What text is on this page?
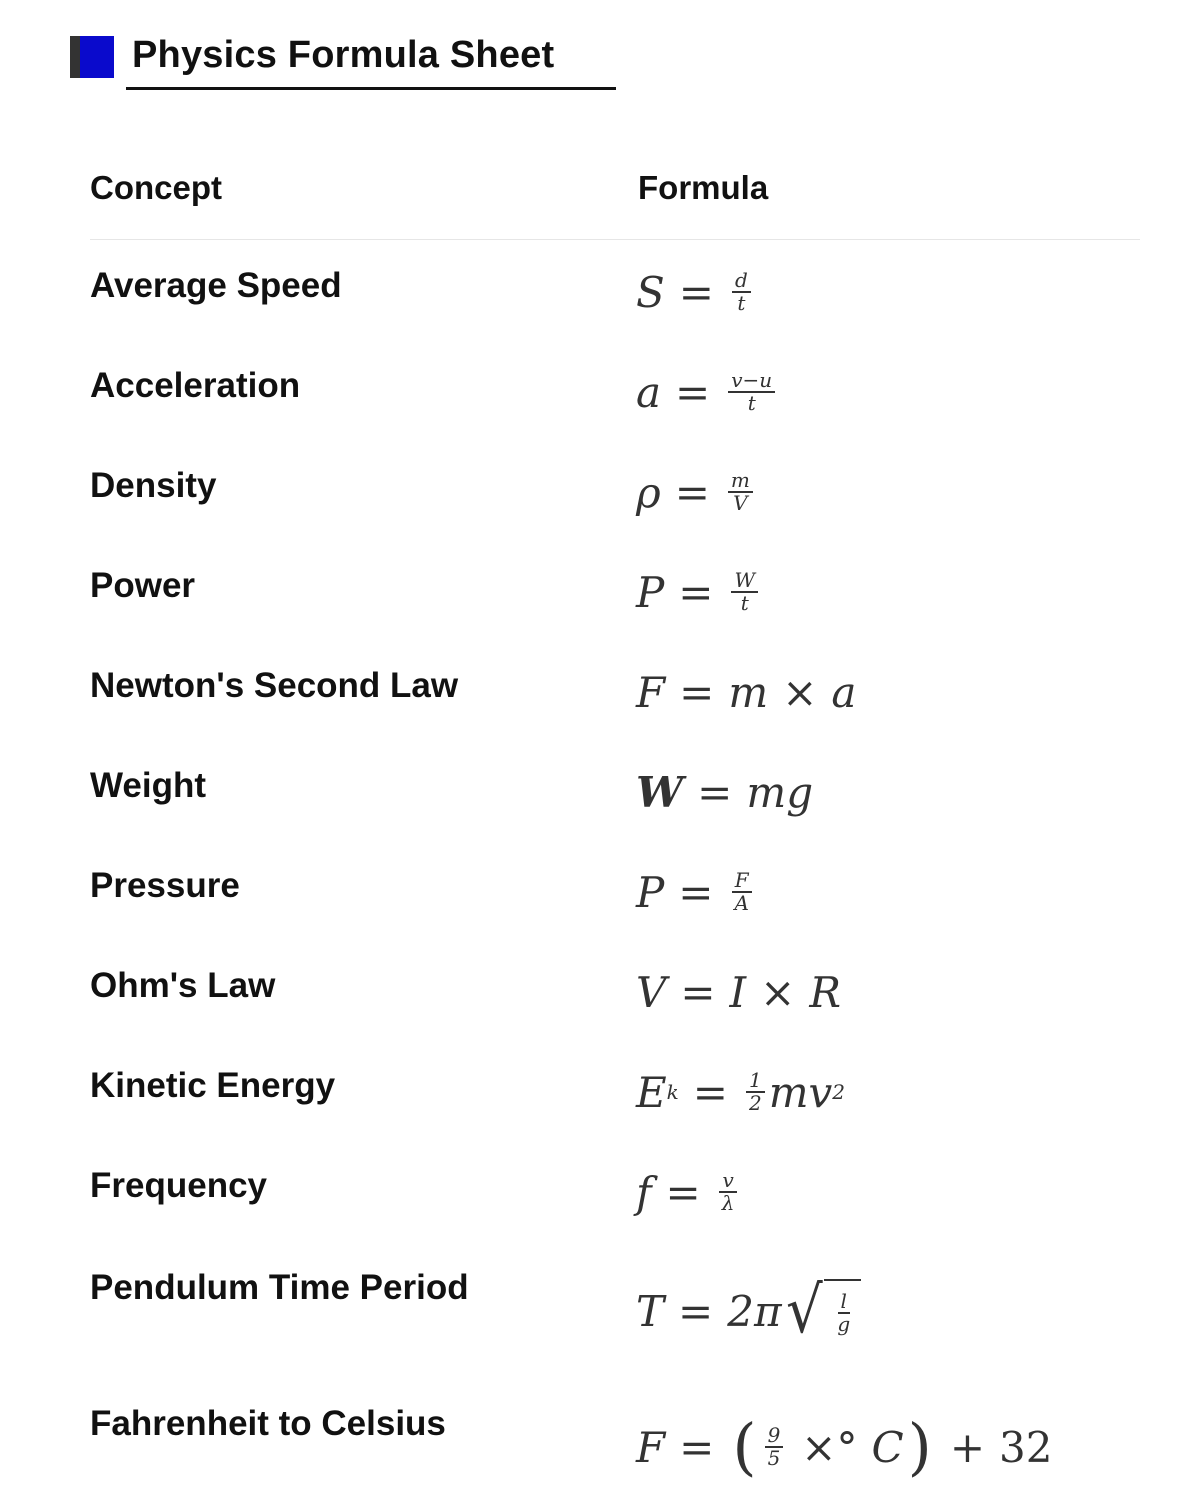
Physics Formula Sheet
Concept	Formula
Average Speed	$S = \frac{d}{t}$
Acceleration	$a = \frac{v-u}{t}$
Density	$\rho = \frac{m}{V}$
Power	$P = \frac{W}{t}$
Newton's Second Law	F = m × a
Weight	W = mg
Pressure	$P = \frac{F}{A}$
Ohm's Law	V = I × R
Kinetic Energy	E $k = \frac{1}{2}$ mv 2
Frequency	$f = \frac{v}{\lambda}$
Pendulum Time Period	T = 2π √ $\frac{l}{g}$
Fahrenheit to Celsius	F = ( $\frac{9}{5}$ ×° C ) + 32
